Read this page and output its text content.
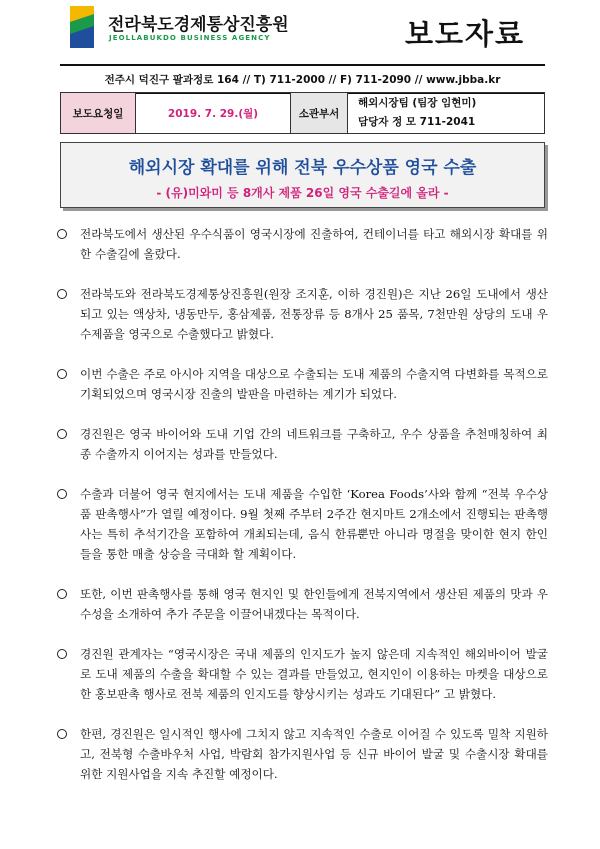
전라북도경제통상진흥원
JEOLLABUKDO BUSINESS AGENCY	보도자료
전주시 덕진구 팔과정로 164 // T) 711-2000 // F) 711-2090 // www.jbba.kr
보도요청일	2019. 7. 29.(월)	소관부서	
해외시장팀 (팀장 임현미)
담당자 정 모 711-2041
해외시장 확대를 위해 전북 우수상품 영국 수출
- (유)미와미 등 8개사 제품 26일 영국 수출길에 올라 -
전라북도에서 생산된 우수식품이 영국시장에 진출하여, 컨테이너를 타고 해외시장 확대를 위한 수출길에 올랐다.
전라북도와 전라북도경제통상진흥원(원장 조지훈, 이하 경진원)은 지난 26일 도내에서 생산되고 있는 액상차, 냉동만두, 홍삼제품, 전통장류 등 8개사 25 품목, 7천만원 상당의 도내 우수제품을 영국으로 수출했다고 밝혔다.
이번 수출은 주로 아시아 지역을 대상으로 수출되는 도내 제품의 수출지역 다변화를 목적으로 기획되었으며 영국시장 진출의 발판을 마련하는 계기가 되었다.
경진원은 영국 바이어와 도내 기업 간의 네트워크를 구축하고, 우수 상품을 추천매칭하여 최종 수출까지 이어지는 성과를 만들었다.
수출과 더불어 영국 현지에서는 도내 제품을 수입한 ‘Korea Foods’사와 함께 “전북 우수상품 판촉행사”가 열릴 예정이다. 9월 첫째 주부터 2주간 현지마트 2개소에서 진행되는 판촉행사는 특히 추석기간을 포함하여 개최되는데, 음식 한류뿐만 아니라 명절을 맞이한 현지 한인들을 통한 매출 상승을 극대화 할 계획이다.
또한, 이번 판촉행사를 통해 영국 현지인 및 한인들에게 전북지역에서 생산된 제품의 맛과 우수성을 소개하여 추가 주문을 이끌어내겠다는 목적이다.
경진원 관계자는 “영국시장은 국내 제품의 인지도가 높지 않은데 지속적인 해외바이어 발굴로 도내 제품의 수출을 확대할 수 있는 결과를 만들었고, 현지인이 이용하는 마켓을 대상으로 한 홍보판촉 행사로 전북 제품의 인지도를 향상시키는 성과도 기대된다” 고 밝혔다.
한편, 경진원은 일시적인 행사에 그치지 않고 지속적인 수출로 이어질 수 있도록 밀착 지원하고, 전북형 수출바우처 사업, 박람회 참가지원사업 등 신규 바이어 발굴 및 수출시장 확대를 위한 지원사업을 지속 추진할 예정이다.
